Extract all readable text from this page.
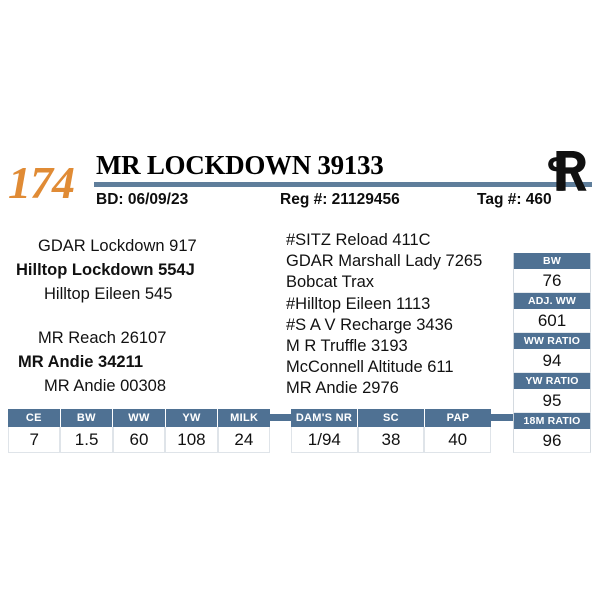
174 MR LOCKDOWN 39133
BD: 06/09/23	Reg #: 21129456	Tag #: 460
GDAR Lockdown 917
Hilltop Lockdown 554J
Hilltop Eileen 545
MR Reach 26107
MR Andie 34211
MR Andie 00308
#SITZ Reload 411C
GDAR Marshall Lady 7265
Bobcat Trax
#Hilltop Eileen 1113
#S A V Recharge 3436
M R Truffle 3193
McConnell Altitude 611
MR Andie 2976
BW
76
ADJ. WW
601
WW RATIO
94
YW RATIO
95
18M RATIO
96
CE	BW	WW	YW	MILK
7	1.5	60	108	24
DAM'S NR	SC	PAP
1/94	38	40
